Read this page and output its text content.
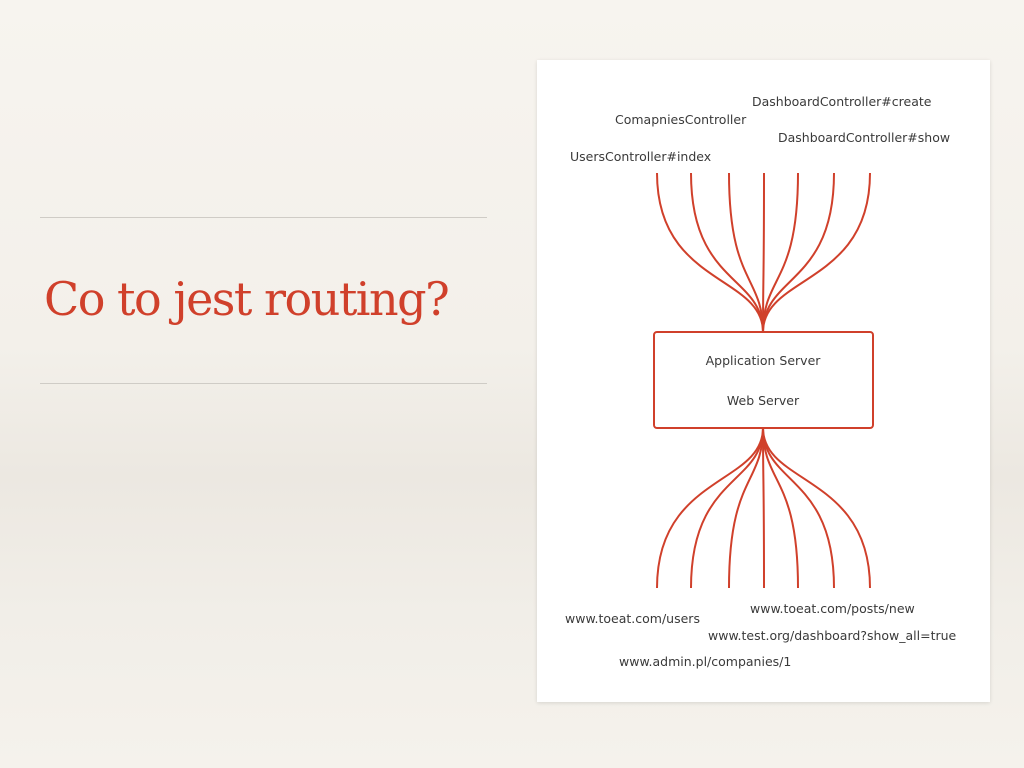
Co to jest routing?
Application Server
Web Server
DashboardController#create
ComapniesController
DashboardController#show
UsersController#index
www.toeat.com/users
www.toeat.com/posts/new
www.test.org/dashboard?show_all=true
www.admin.pl/companies/1
